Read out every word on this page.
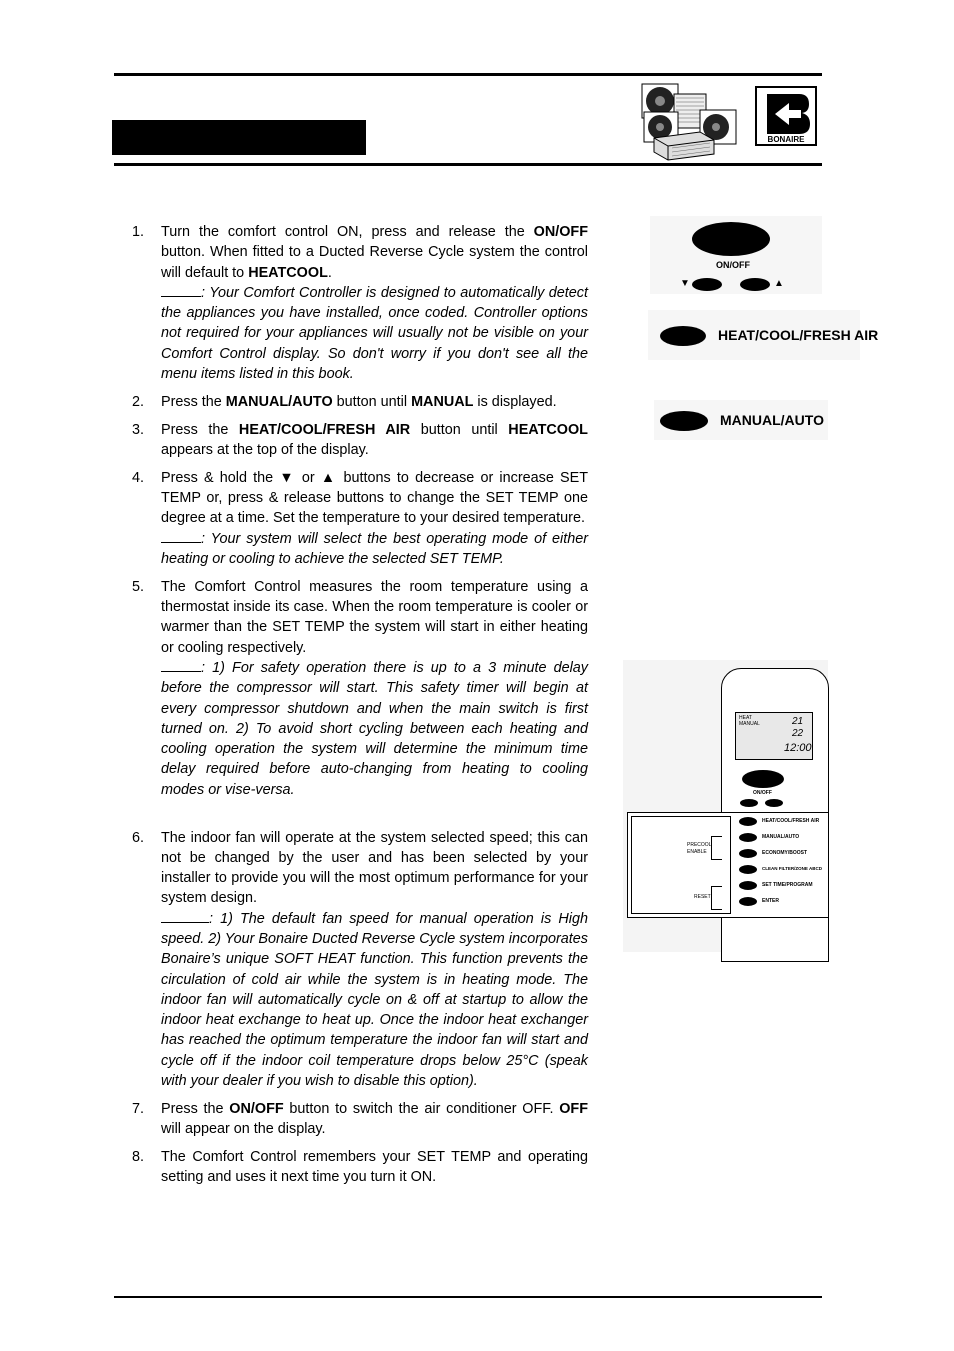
BONAIRE
1. Turn the comfort control ON, press and release the ON/OFF button. When fitted to a Ducted Reverse Cycle system the control will default to HEATCOOL.
: Your Comfort Controller is designed to automatically detect the appliances you have installed, once coded. Controller options not required for your appliances will usually not be visible on your Comfort Control display. So don't worry if you don't see all the menu items listed in this book.
2. Press the MANUAL/AUTO button until MANUAL is displayed.
3. Press the HEAT/COOL/FRESH AIR button until HEATCOOL appears at the top of the display.
4. Press & hold the ▼ or ▲ buttons to decrease or increase SET TEMP or, press & release buttons to change the SET TEMP one degree at a time. Set the temperature to your desired temperature.
: Your system will select the best operating mode of either heating or cooling to achieve the selected SET TEMP.
5. The Comfort Control measures the room temperature using a thermostat inside its case. When the room temperature is cooler or warmer than the SET TEMP the system will start in either heating or cooling respectively.
: 1) For safety operation there is up to a 3 minute delay before the compressor will start. This safety timer will begin at every compressor shutdown and when the main switch is first turned on. 2) To avoid short cycling between each heating and cooling operation the system will determine the minimum time delay required before auto-changing from heating to cooling modes or vise-versa.
6. The indoor fan will operate at the system selected speed; this can not be changed by the user and has been selected by your installer to provide you will the most optimum performance for your system design.
: 1) The default fan speed for manual operation is High speed. 2) Your Bonaire Ducted Reverse Cycle system incorporates Bonaire’s unique SOFT HEAT function. This function prevents the circulation of cold air while the system is in heating mode. The indoor fan will automatically cycle on & off at startup to allow the indoor heat exchange to heat up. Once the indoor heat exchanger has reached the optimum temperature the indoor fan will start and cycle off if the indoor coil temperature drops below 25°C (speak with your dealer if you wish to disable this option).
7. Press the ON/OFF button to switch the air conditioner OFF. OFF will appear on the display.
8. The Comfort Control remembers your SET TEMP and operating setting and uses it next time you turn it ON.
ON/OFF
▼	▲
HEAT/COOL/FRESH AIR
MANUAL/AUTO
HEAT
MANUAL	21
22
12:00
ON/OFF
PRECOOL
ENABLE
RESET
HEAT/COOL/FRESH AIR
MANUAL/AUTO
ECONOMY/BOOST
CLEAN FILTER/ZONE ABCD
SET TIME/PROGRAM
ENTER
